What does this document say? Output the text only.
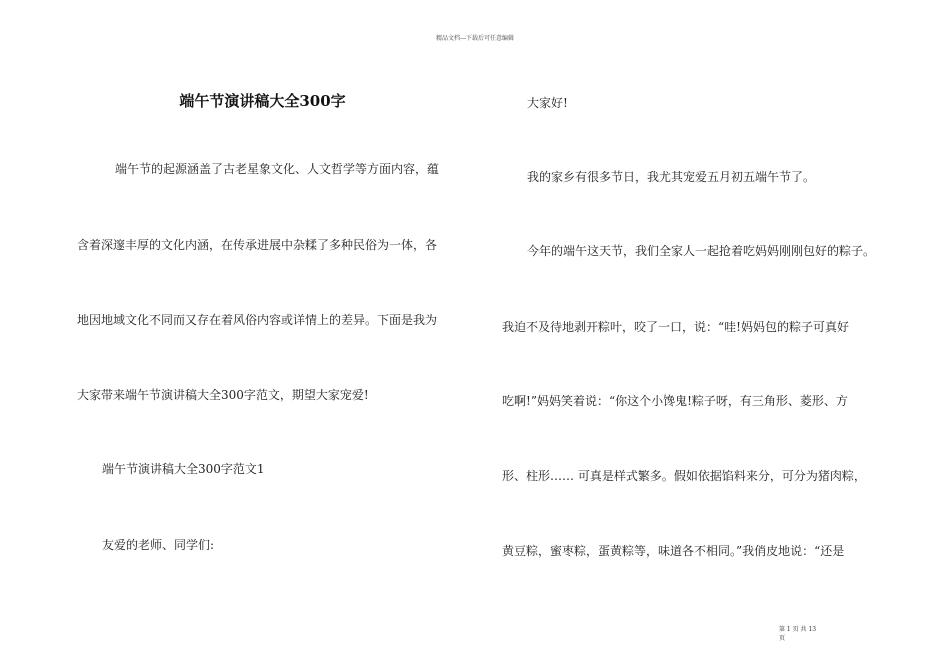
精品文档---下载后可任意编辑
端午节演讲稿大全300字
端午节的起源涵盖了古老星象文化、人文哲学等方面内容，蕴
含着深邃丰厚的文化内涵，在传承进展中杂糅了多种民俗为一体，各
地因地域文化不同而又存在着风俗内容或详情上的差异。下面是我为
大家带来端午节演讲稿大全300字范文，期望大家宠爱!
端午节演讲稿大全300字范文1
友爱的老师、同学们:
大家好!
我的家乡有很多节日，我尤其宠爱五月初五端午节了。
今年的端午这天节，我们全家人一起抢着吃妈妈刚刚包好的粽子。
我迫不及待地剥开粽叶，咬了一口，说：“哇!妈妈包的粽子可真好
吃啊!”妈妈笑着说：“你这个小馋鬼!粽子呀，有三角形、菱形、方
形、柱形…… 可真是样式繁多。假如依据馅料来分，可分为猪肉粽，
黄豆粽，蜜枣粽，蛋黄粽等，味道各不相同。”我俏皮地说：“还是
第 1 页 共 13
页
